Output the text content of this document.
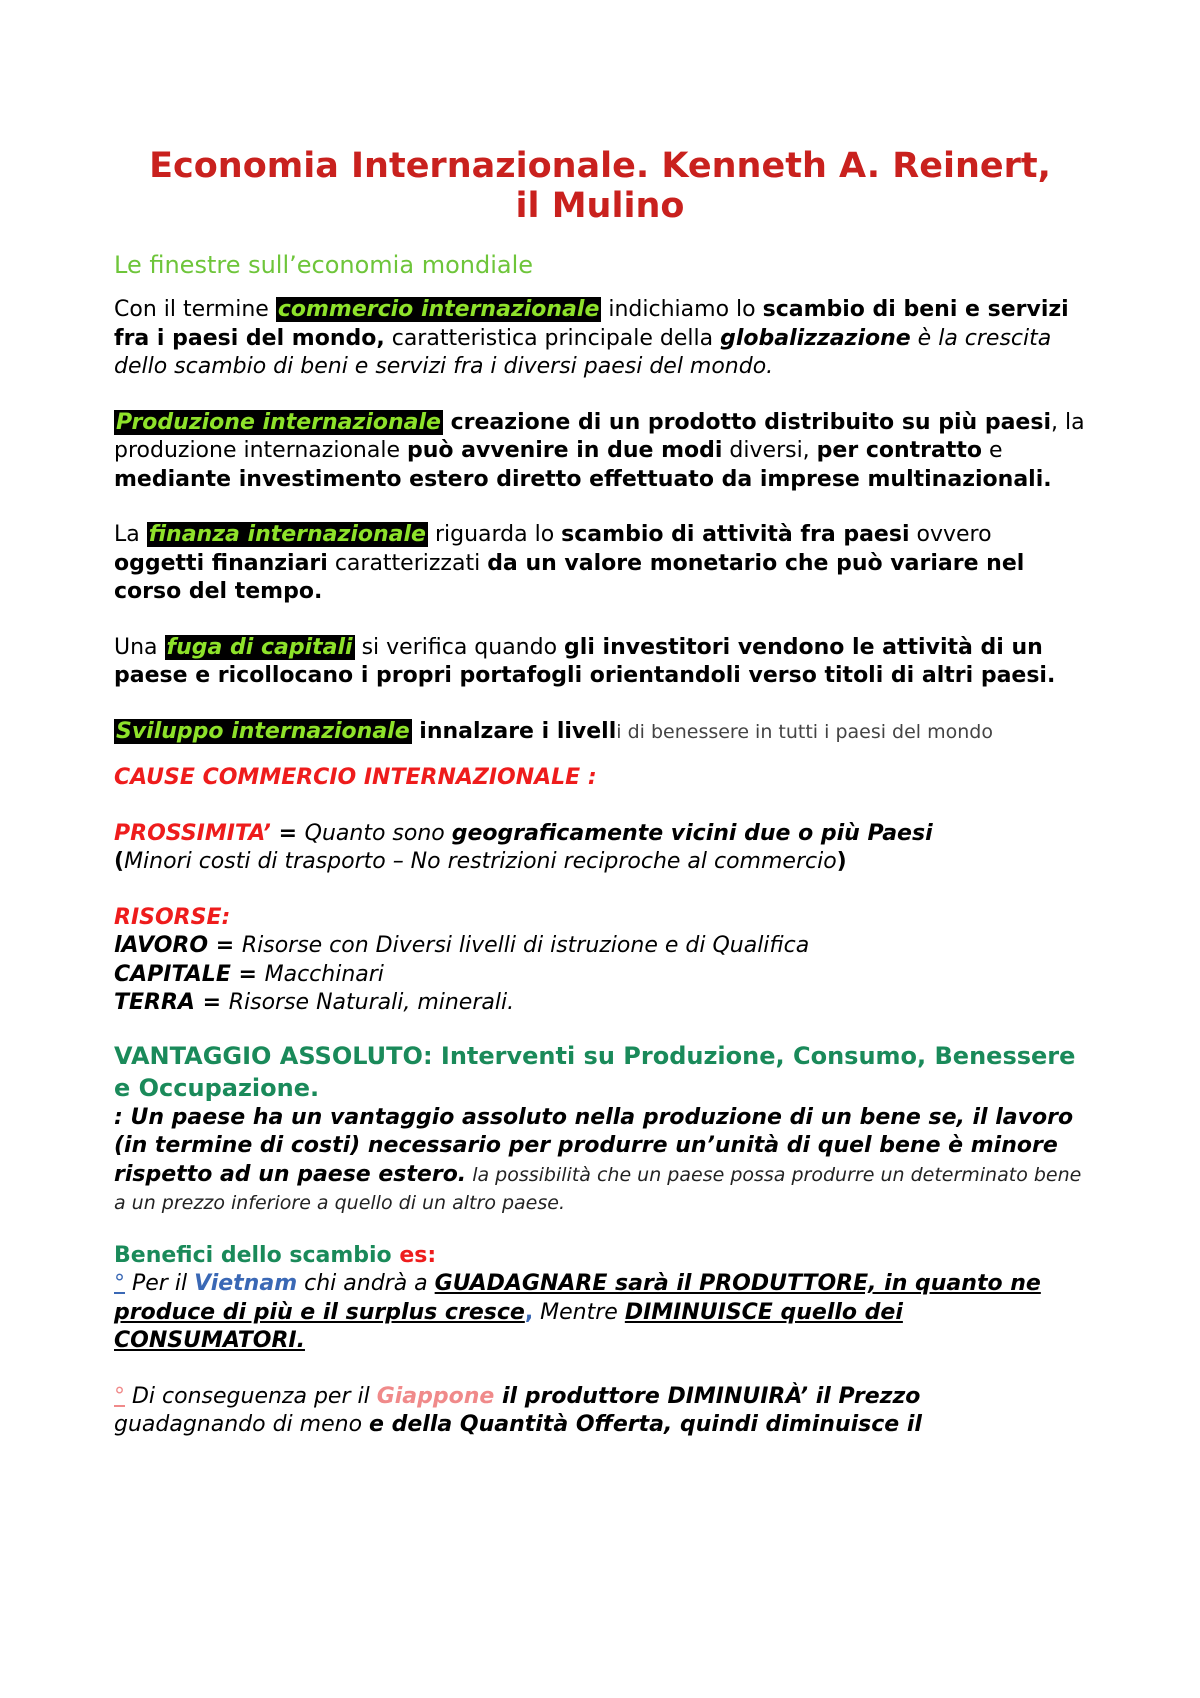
Economia Internazionale. Kenneth A. Reinert,
il Mulino
Le finestre sull’economia mondiale

Con il termine commercio internazionale indichiamo lo scambio di beni e servizi fra i paesi del mondo, caratteristica principale della globalizzazione è la crescita dello scambio di beni e servizi fra i diversi paesi del mondo.

Produzione internazionale creazione di un prodotto distribuito su più paesi, la produzione internazionale può avvenire in due modi diversi, per contratto e mediante investimento estero diretto effettuato da imprese multinazionali.

La finanza internazionale riguarda lo scambio di attività fra paesi ovvero oggetti finanziari caratterizzati da un valore monetario che può variare nel corso del tempo.

Una fuga di capitali si verifica quando gli investitori vendono le attività di un paese e ricollocano i propri portafogli orientandoli verso titoli di altri paesi.

Sviluppo internazionale innalzare i livelli di benessere in tutti i paesi del mondo

CAUSE COMMERCIO INTERNAZIONALE :

PROSSIMITA’ = Quanto sono geograficamente vicini due o più Paesi
(Minori costi di trasporto – No restrizioni reciproche al commercio)

RISORSE:
lAVORO = Risorse con Diversi livelli di istruzione e di Qualifica
CAPITALE = Macchinari
TERRA = Risorse Naturali, minerali.

VANTAGGIO ASSOLUTO: Interventi su Produzione, Consumo, Benessere e Occupazione.

: Un paese ha un vantaggio assoluto nella produzione di un bene se, il lavoro (in termine di costi) necessario per produrre un’unità di quel bene è minore rispetto ad un paese estero. la possibilità che un paese possa produrre un determinato bene a un prezzo inferiore a quello di un altro paese.

Benefici dello scambio es:

° Per il Vietnam chi andrà a GUADAGNARE sarà il PRODUTTORE, in quanto ne produce di più e il surplus cresce, Mentre DIMINUISCE quello dei CONSUMATORI.

° Di conseguenza per il Giappone il produttore DIMINUIRÀ’ il Prezzo
guadagnando di meno e della Quantità Offerta, quindi diminuisce il
